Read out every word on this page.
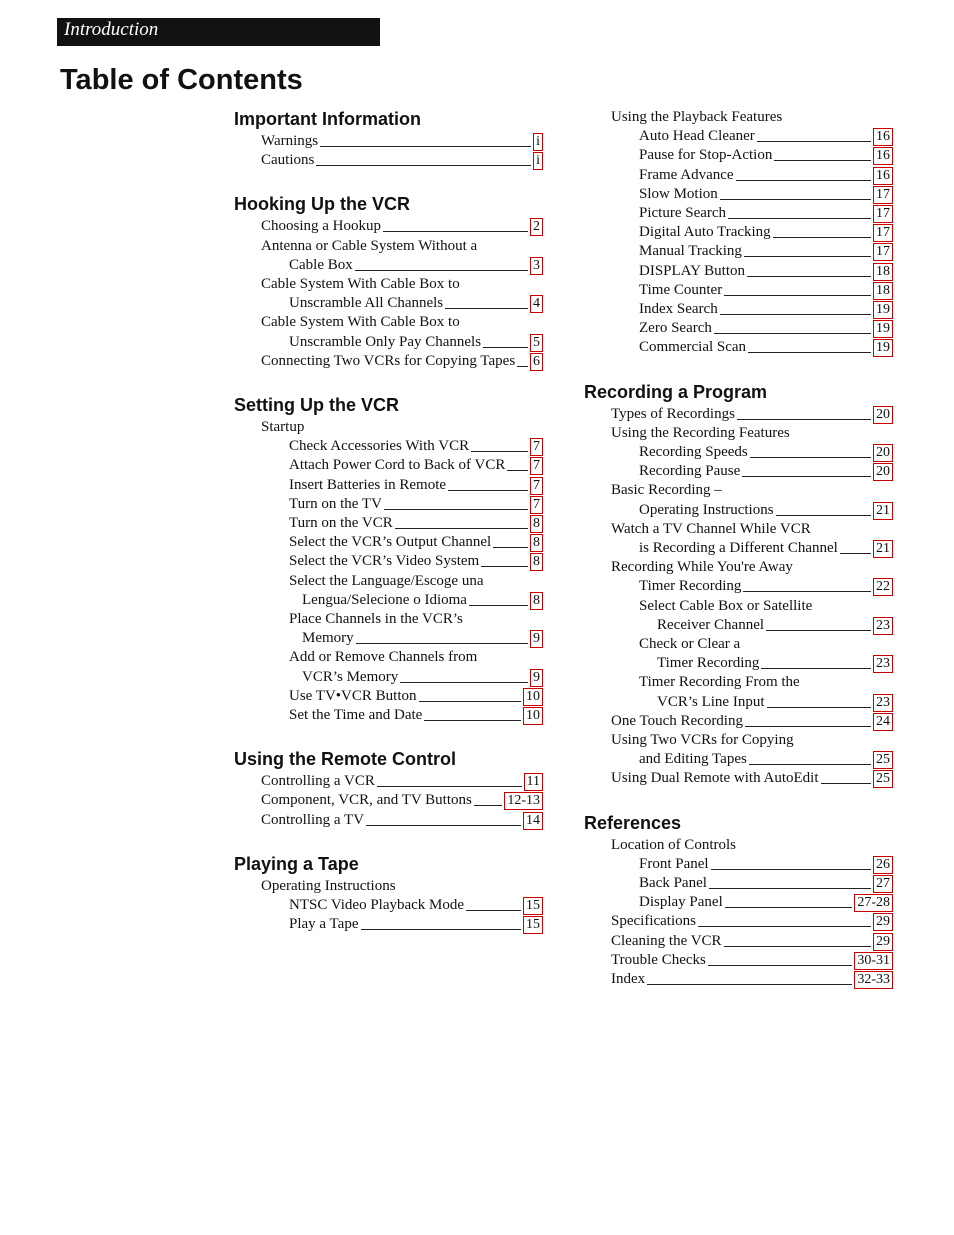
Introduction
Table of Contents
Important Information
Warnings	i
Cautions	i
Hooking Up the VCR
Choosing a Hookup	2
Antenna or Cable System Without a
Cable Box	3
Cable System With Cable Box to
Unscramble All Channels	4
Cable System With Cable Box to
Unscramble Only Pay Channels	5
Connecting Two VCRs for Copying Tapes 6
Setting Up the VCR
Startup
Check Accessories With VCR	7
Attach Power Cord to Back of VCR 7
Insert Batteries in Remote	7
Turn on the TV	7
Turn on the VCR	8
Select the VCR’s Output Channel	8
Select the VCR’s Video System	8
Select the Language/Escoge una
Lengua/Selecione o Idioma	8
Place Channels in the VCR’s
Memory	9
Add or Remove Channels from
VCR’s Memory	9
Use TV•VCR Button	10
Set the Time and Date	10
Using the Remote Control
Controlling a VCR	11
Component, VCR, and TV Buttons	12-13
Controlling a TV	14
Playing a Tape
Operating Instructions
NTSC Video Playback Mode	15
Play a Tape	15
Using the Playback Features
Auto Head Cleaner	16
Pause for Stop-Action	16
Frame Advance	16
Slow Motion	17
Picture Search	17
Digital Auto Tracking	17
Manual Tracking	17
DISPLAY Button	18
Time Counter	18
Index Search	19
Zero Search	19
Commercial Scan	19
Recording a Program
Types of Recordings	20
Using the Recording Features
Recording Speeds	20
Recording Pause	20
Basic Recording –
Operating Instructions	21
Watch a TV Channel While VCR
is Recording a Different Channel	21
Recording While You're Away
Timer Recording	22
Select Cable Box or Satellite
Receiver Channel	23
Check or Clear a
Timer Recording	23
Timer Recording From the
VCR’s Line Input	23
One Touch Recording	24
Using Two VCRs for Copying
and Editing Tapes	25
Using Dual Remote with AutoEdit	25
References
Location of Controls
Front Panel	26
Back Panel	27
Display Panel	27-28
Specifications	29
Cleaning the VCR	29
Trouble Checks	30-31
Index	32-33
